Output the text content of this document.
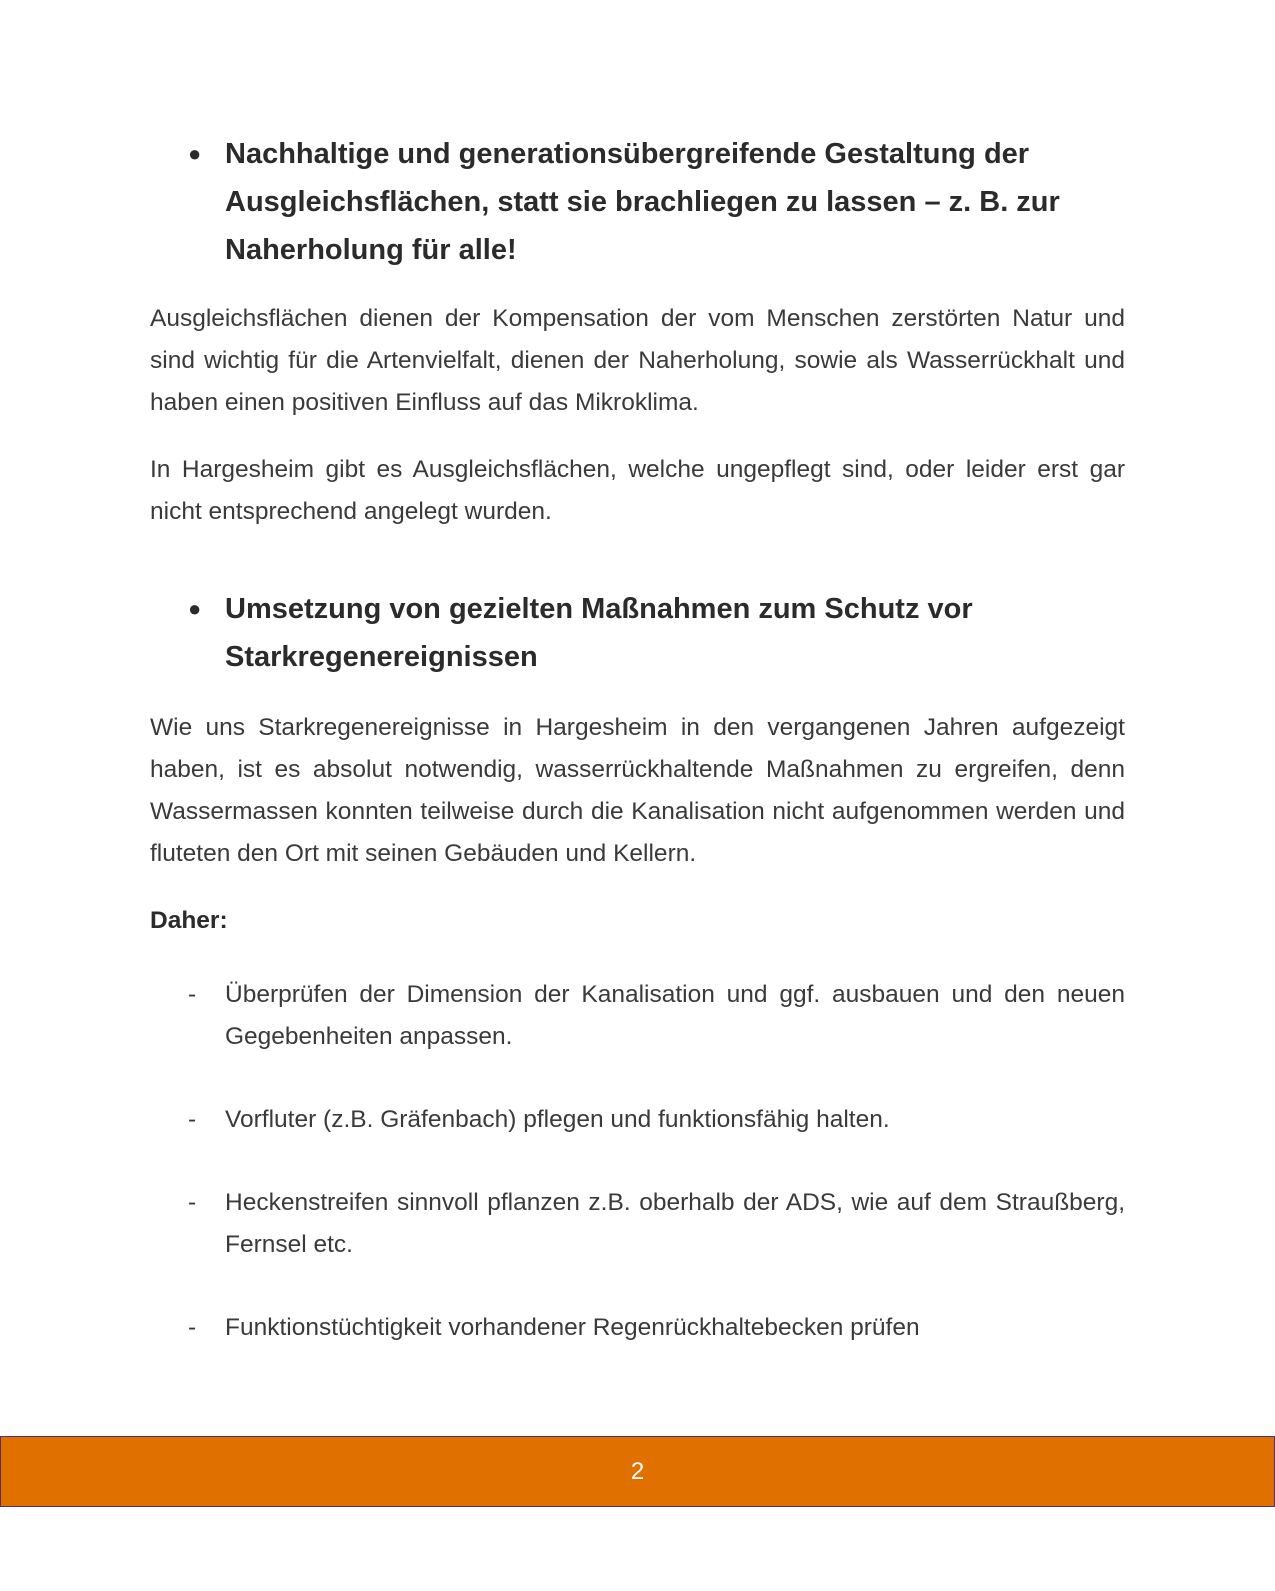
● Nachhaltige und generationsübergreifende Gestaltung der Ausgleichsflächen, statt sie brachliegen zu lassen – z. B. zur Naherholung für alle!

Ausgleichsflächen dienen der Kompensation der vom Menschen zerstörten Natur und sind wichtig für die Artenvielfalt, dienen der Naherholung, sowie als Wasserrückhalt und haben einen positiven Einfluss auf das Mikroklima.

In Hargesheim gibt es Ausgleichsflächen, welche ungepflegt sind, oder leider erst gar nicht entsprechend angelegt wurden.

● Umsetzung von gezielten Maßnahmen zum Schutz vor Starkregenereignissen

Wie uns Starkregenereignisse in Hargesheim in den vergangenen Jahren aufgezeigt haben, ist es absolut notwendig, wasserrückhaltende Maßnahmen zu ergreifen, denn Wassermassen konnten teilweise durch die Kanalisation nicht aufgenommen werden und fluteten den Ort mit seinen Gebäuden und Kellern.

Daher:
-	Überprüfen der Dimension der Kanalisation und ggf. ausbauen und den neuen Gegebenheiten anpassen.
-	Vorfluter (z.B. Gräfenbach) pflegen und funktionsfähig halten.
-	Heckenstreifen sinnvoll pflanzen z.B. oberhalb der ADS, wie auf dem Straußberg, Fernsel etc.
-	Funktionstüchtigkeit vorhandener Regenrückhaltebecken prüfen
2
